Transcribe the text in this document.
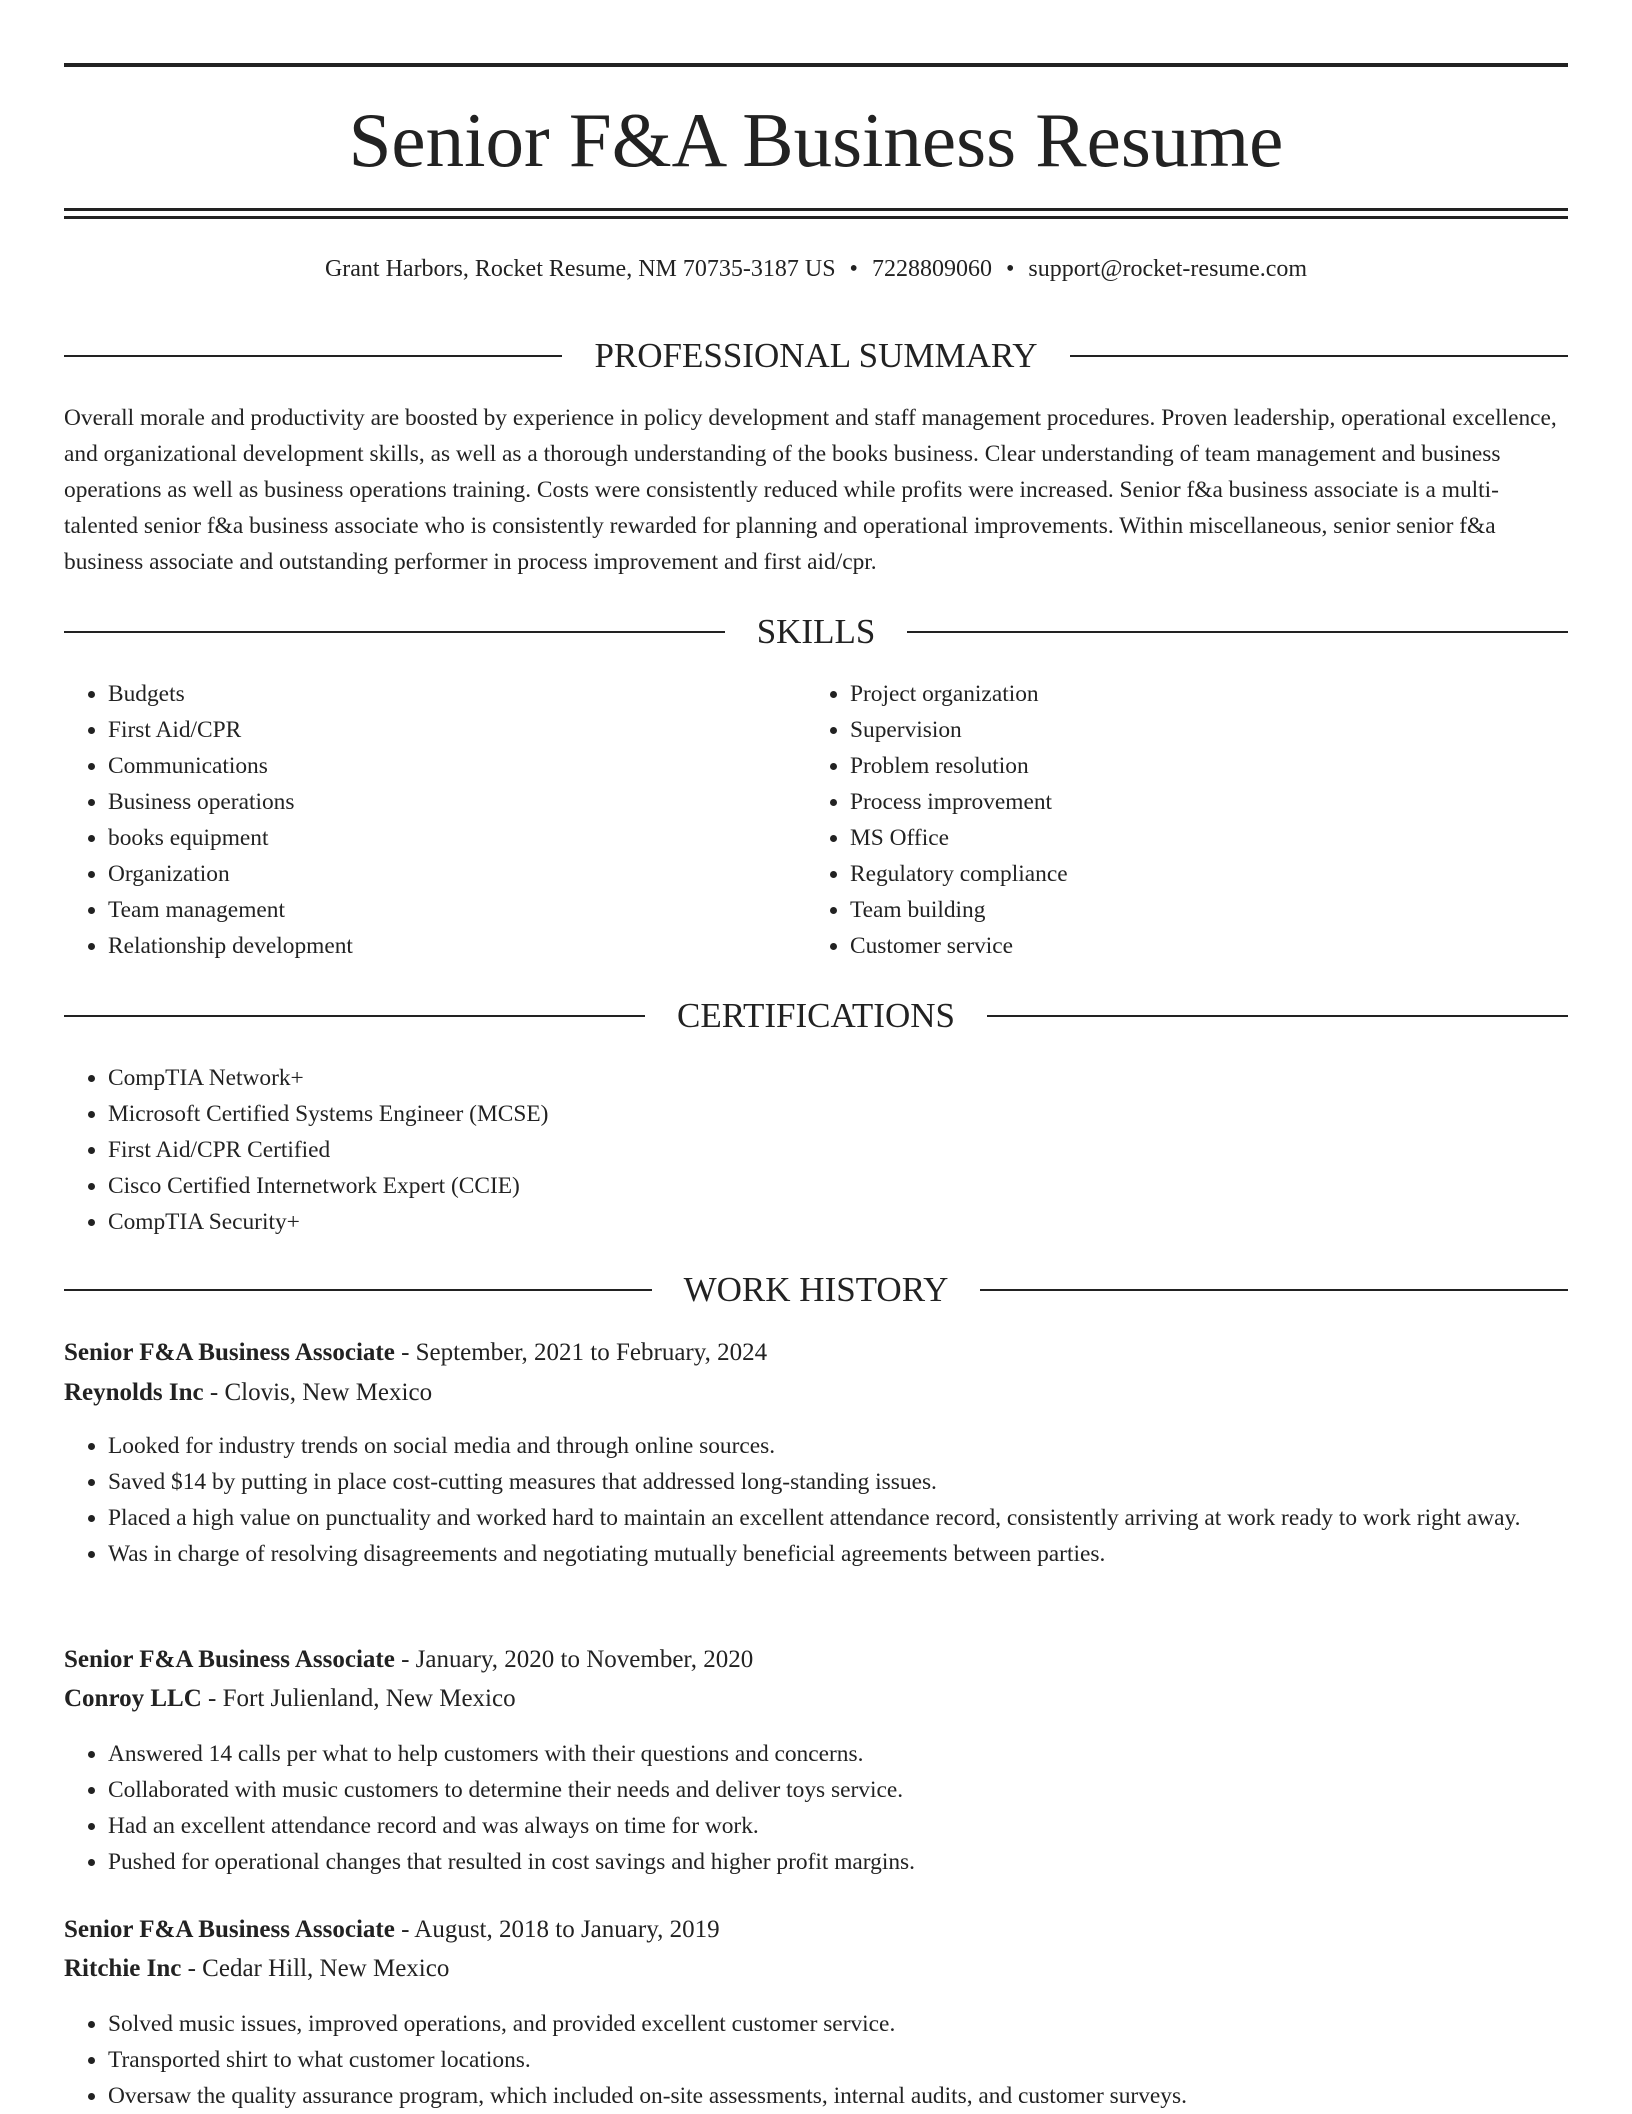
Senior F&A Business Resume
Grant Harbors, Rocket Resume, NM 70735-3187 US • 7228809060 • support@rocket-resume.com
PROFESSIONAL SUMMARY

Overall morale and productivity are boosted by experience in policy development and staff management procedures. Proven leadership, operational excellence, and organizational development skills, as well as a thorough understanding of the books business. Clear understanding of team management and business operations as well as business operations training. Costs were consistently reduced while profits were increased. Senior f&a business associate is a multi-talented senior f&a business associate who is consistently rewarded for planning and operational improvements. Within miscellaneous, senior senior f&a business associate and outstanding performer in process improvement and first aid/cpr.

SKILLS
• Budgets
• First Aid/CPR
• Communications
• Business operations
• books equipment
• Organization
• Team management
• Relationship development
• Project organization
• Supervision
• Problem resolution
• Process improvement
• MS Office
• Regulatory compliance
• Team building
• Customer service
CERTIFICATIONS
• CompTIA Network+
• Microsoft Certified Systems Engineer (MCSE)
• First Aid/CPR Certified
• Cisco Certified Internetwork Expert (CCIE)
• CompTIA Security+
WORK HISTORY
Senior F&A Business Associate - September, 2021 to February, 2024
Reynolds Inc - Clovis, New Mexico
• Looked for industry trends on social media and through online sources.
• Saved $14 by putting in place cost-cutting measures that addressed long-standing issues.
• Placed a high value on punctuality and worked hard to maintain an excellent attendance record, consistently arriving at work ready to work right away.
• Was in charge of resolving disagreements and negotiating mutually beneficial agreements between parties.
Senior F&A Business Associate - January, 2020 to November, 2020
Conroy LLC - Fort Julienland, New Mexico
• Answered 14 calls per what to help customers with their questions and concerns.
• Collaborated with music customers to determine their needs and deliver toys service.
• Had an excellent attendance record and was always on time for work.
• Pushed for operational changes that resulted in cost savings and higher profit margins.
Senior F&A Business Associate - August, 2018 to January, 2019
Ritchie Inc - Cedar Hill, New Mexico
• Solved music issues, improved operations, and provided excellent customer service.
• Transported shirt to what customer locations.
• Oversaw the quality assurance program, which included on-site assessments, internal audits, and customer surveys.
